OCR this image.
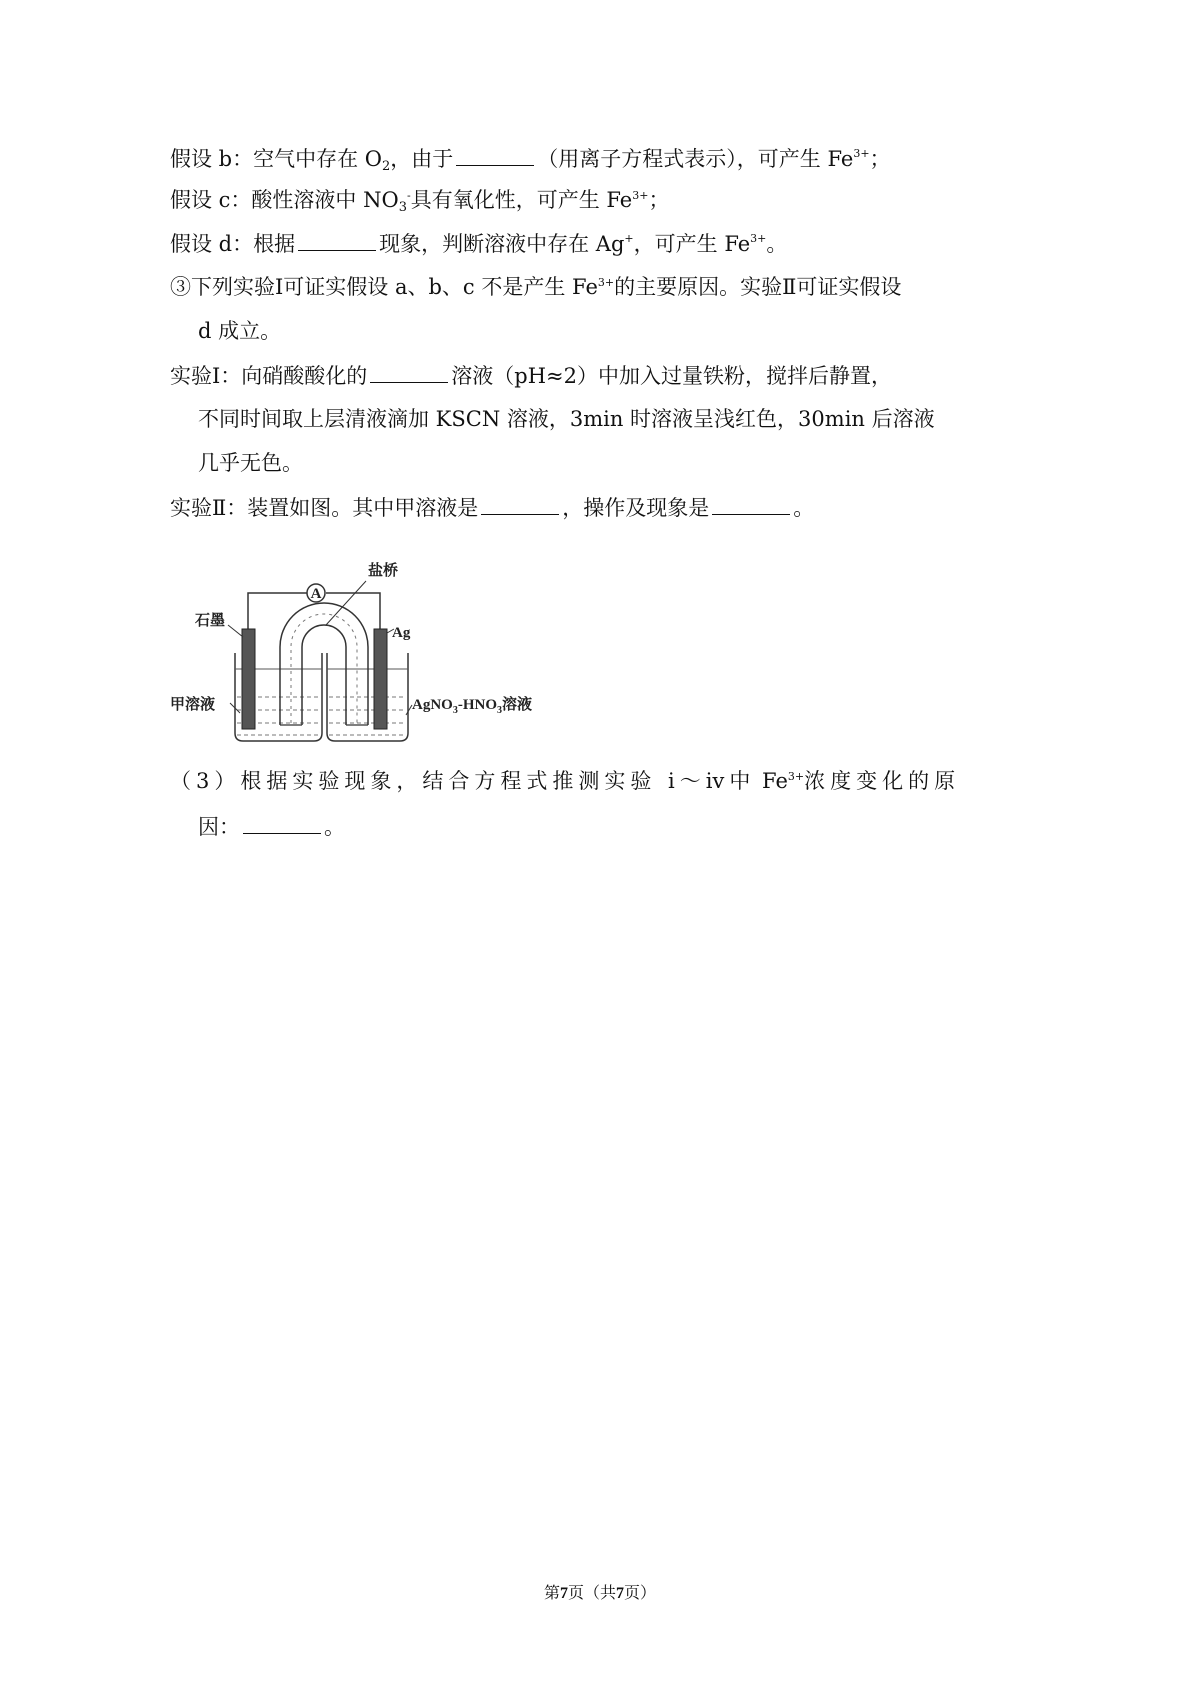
假设 b：空气中存在 $O_2$，由于	（用离子方程式表示），可产生 $Fe^{3+}$；
假设 c：酸性溶液中 $NO_3^-$具有氧化性，可产生 $Fe^{3+}$；
假设 d：根据	现象，判断溶液中存在 Ag+，可产生 $Fe^{3+}$。
③下列实验Ⅰ可证实假设 a、b、c 不是产生 $Fe^{3+}$的主要原因。实验Ⅱ可证实假设
d 成立。
实验Ⅰ：向硝酸酸化的	溶液（pH≈2）中加入过量铁粉，搅拌后静置，
不同时间取上层清液滴加 KSCN 溶液，3min 时溶液呈浅红色，30min 后溶液
几乎无色。
实验Ⅱ：装置如图。其中甲溶液是	，操作及现象是	。
A
盐桥
石墨
Ag
甲溶液	$AgNO_3-HNO_3$溶液
（3）根据实验现象，结合方程式推测实验 ⅰ～ⅳ中 $Fe^{3+}$浓度变化的原
因：	。
第7页（共7页）
